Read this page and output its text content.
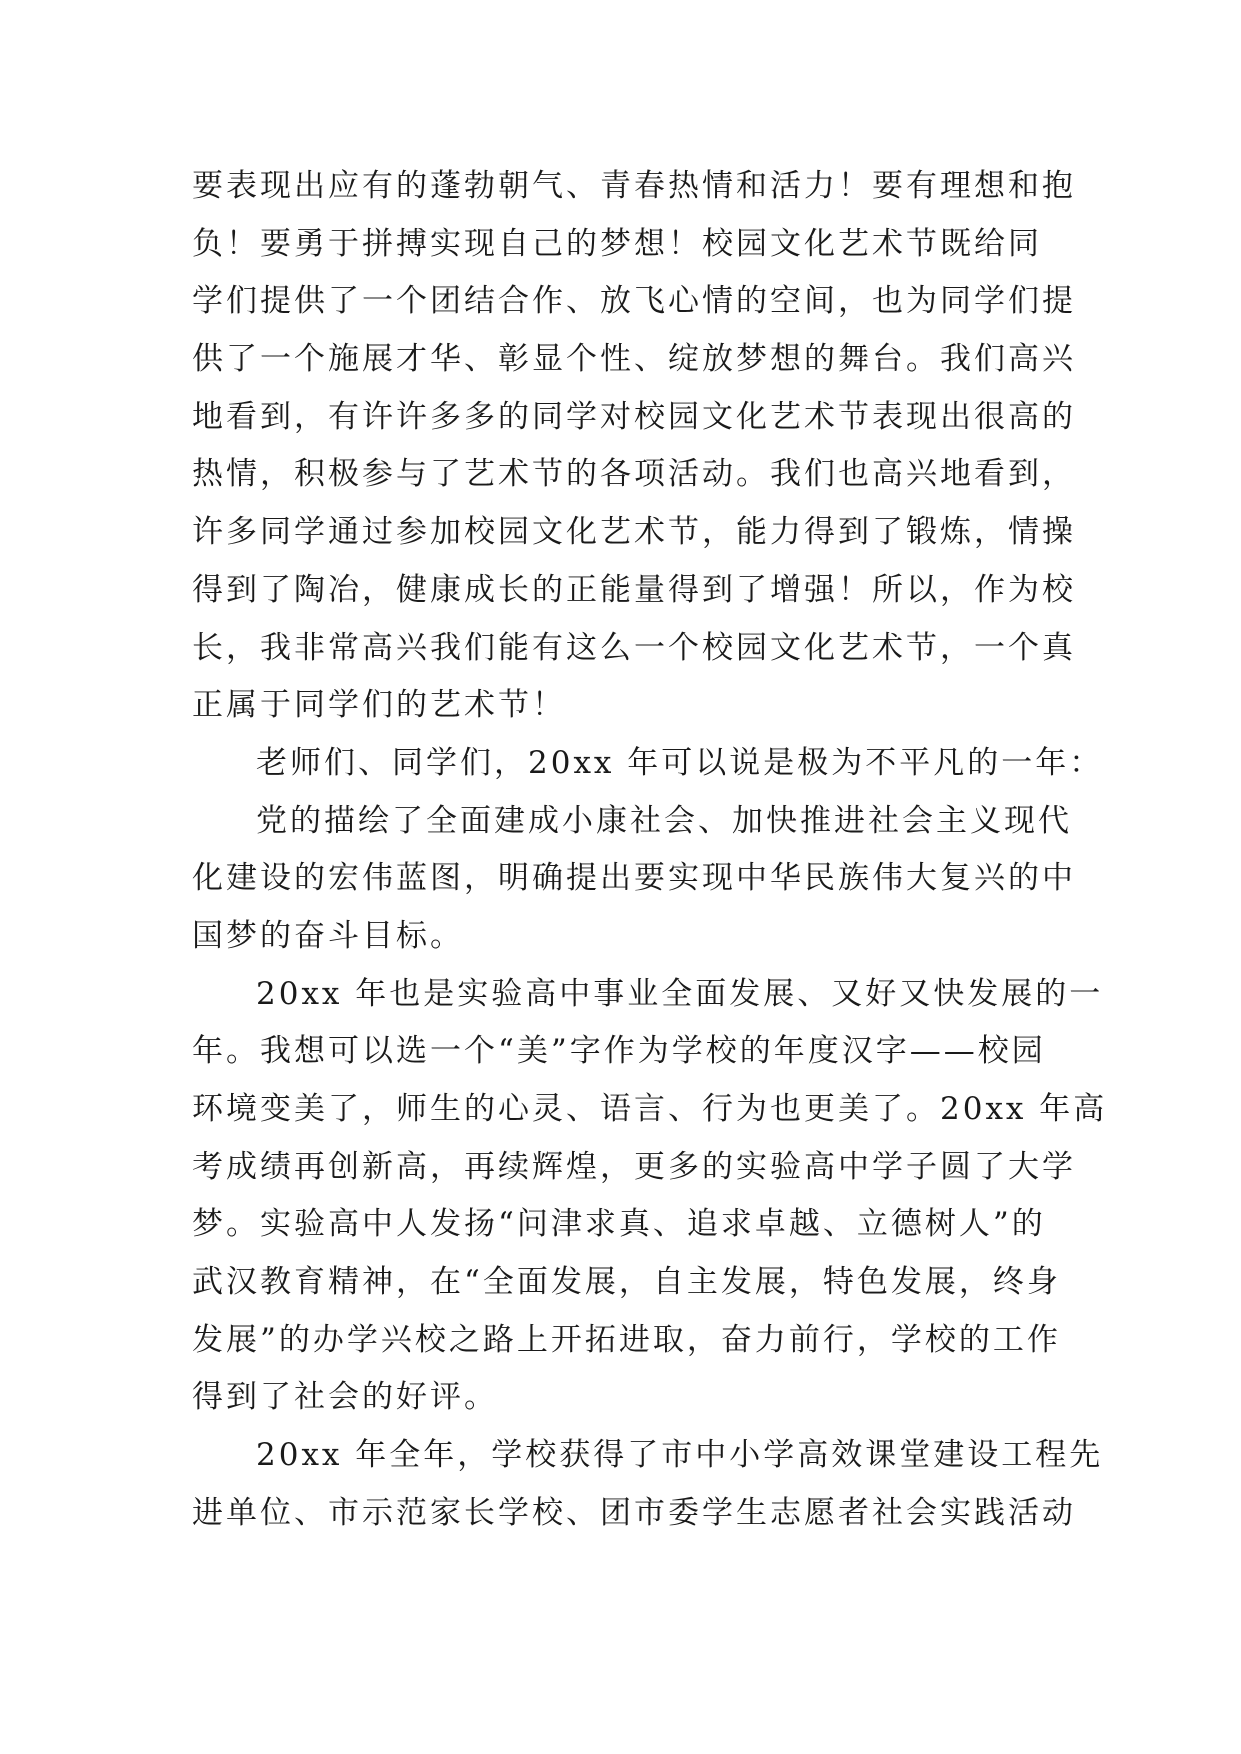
要表现出应有的蓬勃朝气、青春热情和活力！要有理想和抱
负！要勇于拼搏实现自己的梦想！校园文化艺术节既给同
学们提供了一个团结合作、放飞心情的空间，也为同学们提
供了一个施展才华、彰显个性、绽放梦想的舞台。我们高兴
地看到，有许许多多的同学对校园文化艺术节表现出很高的
热情，积极参与了艺术节的各项活动。我们也高兴地看到，
许多同学通过参加校园文化艺术节，能力得到了锻炼，情操
得到了陶冶，健康成长的正能量得到了增强！所以，作为校
长，我非常高兴我们能有这么一个校园文化艺术节，一个真
正属于同学们的艺术节！
老师们、同学们，20xx 年可以说是极为不平凡的一年：
党的描绘了全面建成小康社会、加快推进社会主义现代
化建设的宏伟蓝图，明确提出要实现中华民族伟大复兴的中
国梦的奋斗目标。
20xx 年也是实验高中事业全面发展、又好又快发展的一
年。我想可以选一个“美”字作为学校的年度汉字——校园
环境变美了，师生的心灵、语言、行为也更美了。20xx 年高
考成绩再创新高，再续辉煌，更多的实验高中学子圆了大学
梦。实验高中人发扬“问津求真、追求卓越、立德树人”的
武汉教育精神，在“全面发展，自主发展，特色发展，终身
发展”的办学兴校之路上开拓进取，奋力前行，学校的工作
得到了社会的好评。
20xx 年全年，学校获得了市中小学高效课堂建设工程先
进单位、市示范家长学校、团市委学生志愿者社会实践活动
